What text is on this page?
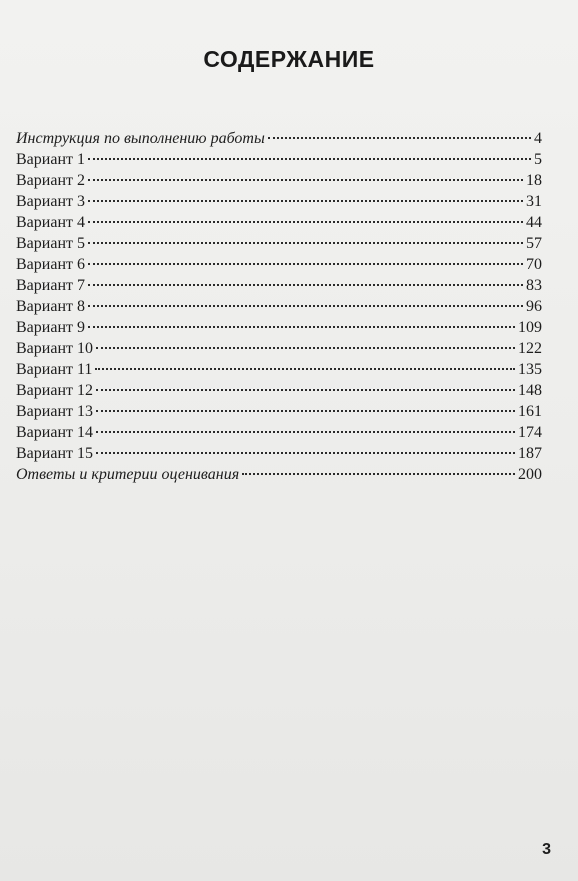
СОДЕРЖАНИЕ
Инструкция по выполнению работы	4
Вариант 1	5
Вариант 2	18
Вариант 3	31
Вариант 4	44
Вариант 5	57
Вариант 6	70
Вариант 7	83
Вариант 8	96
Вариант 9	109
Вариант 10	122
Вариант 11	135
Вариант 12	148
Вариант 13	161
Вариант 14	174
Вариант 15	187
Ответы и критерии оценивания	200
3
